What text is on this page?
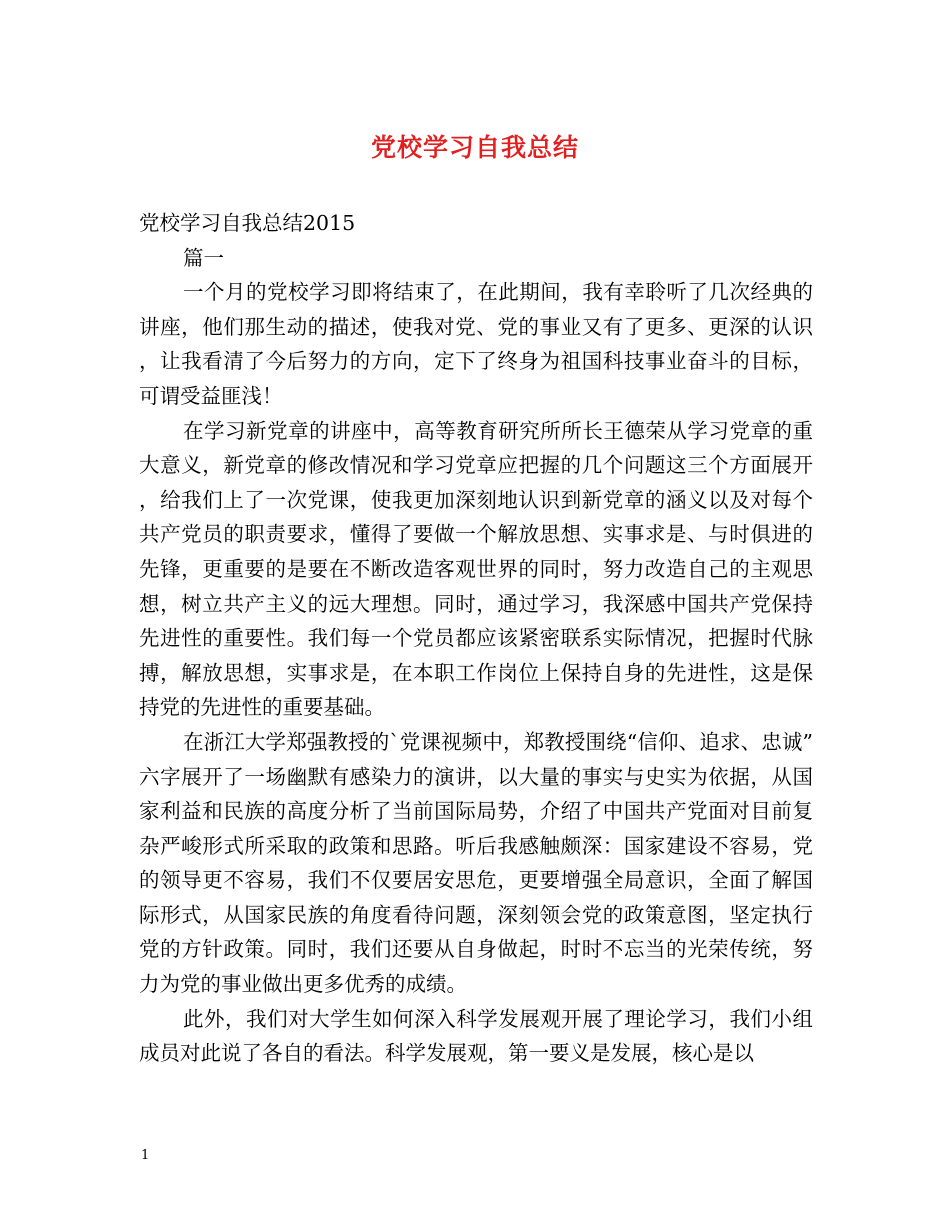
党校学习自我总结

党校学习自我总结2015

篇一

一个月的党校学习即将结束了，在此期间，我有幸聆听了几次经典的讲座，他们那生动的描述，使我对党、党的事业又有了更多、更深的认识，让我看清了今后努力的方向，定下了终身为祖国科技事业奋斗的目标，可谓受益匪浅！

在学习新党章的讲座中，高等教育研究所所长王德荣从学习党章的重大意义，新党章的修改情况和学习党章应把握的几个问题这三个方面展开，给我们上了一次党课，使我更加深刻地认识到新党章的涵义以及对每个共产党员的职责要求，懂得了要做一个解放思想、实事求是、与时俱进的先锋，更重要的是要在不断改造客观世界的同时，努力改造自己的主观思想，树立共产主义的远大理想。同时，通过学习，我深感中国共产党保持先进性的重要性。我们每一个党员都应该紧密联系实际情况，把握时代脉搏，解放思想，实事求是，在本职工作岗位上保持自身的先进性，这是保持党的先进性的重要基础。

在浙江大学郑强教授的`党课视频中，郑教授围绕“信仰、追求、忠诚”六字展开了一场幽默有感染力的演讲，以大量的事实与史实为依据，从国家利益和民族的高度分析了当前国际局势，介绍了中国共产党面对目前复杂严峻形式所采取的政策和思路。听后我感触颇深：国家建设不容易，党的领导更不容易，我们不仅要居安思危，更要增强全局意识，全面了解国际形式，从国家民族的角度看待问题，深刻领会党的政策意图，坚定执行党的方针政策。同时，我们还要从自身做起，时时不忘当的光荣传统，努力为党的事业做出更多优秀的成绩。

此外，我们对大学生如何深入科学发展观开展了理论学习，我们小组成员对此说了各自的看法。科学发展观，第一要义是发展，核心是以

1
